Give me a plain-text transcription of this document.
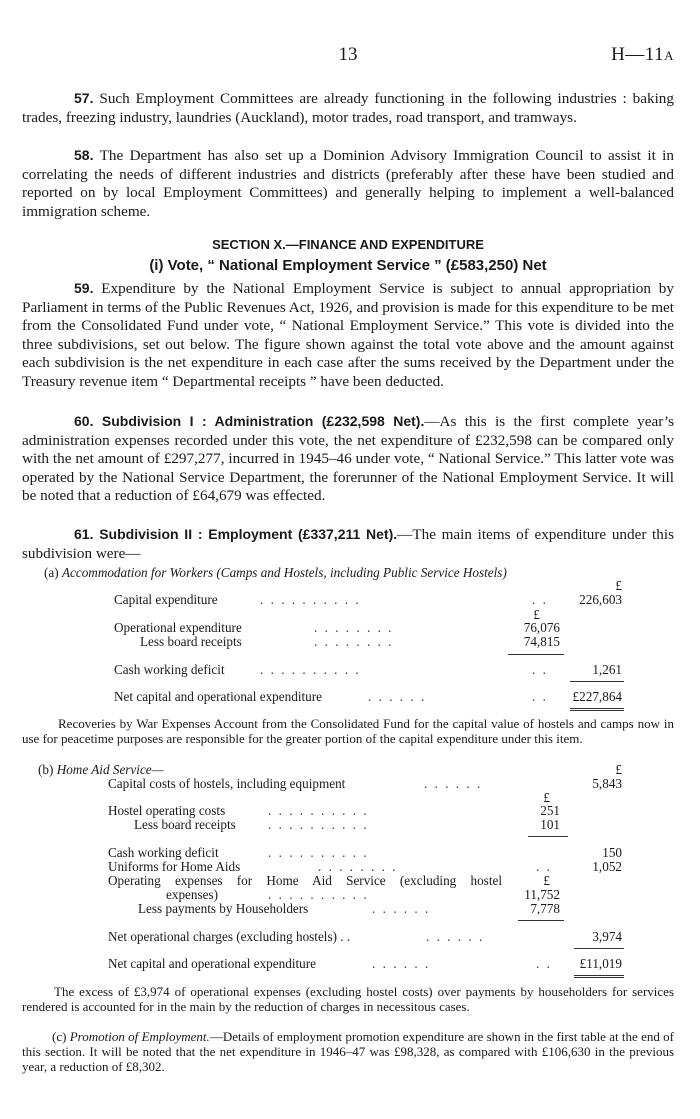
13	H—11A

57. Such Employment Committees are already functioning in the following industries : baking trades, freezing industry, laundries (Auckland), motor trades, road transport, and tramways.

58. The Department has also set up a Dominion Advisory Immigration Council to assist it in correlating the needs of different industries and districts (preferably after these have been studied and reported on by local Employment Committees) and generally helping to implement a well-balanced immigration scheme.

SECTION X.—FINANCE AND EXPENDITURE
(i) Vote, “ National Employment Service ” (£583,250) Net

59. Expenditure by the National Employment Service is subject to annual appropriation by Parliament in terms of the Public Revenues Act, 1926, and provision is made for this expenditure to be met from the Consolidated Fund under vote, “ National Employment Service.” This vote is divided into the three subdivisions, set out below. The figure shown against the total vote above and the amount against each subdivision is the net expenditure in each case after the sums received by the Department under the Treasury revenue item “ Departmental receipts ” have been deducted.

60. Subdivision I : Administration (£232,598 Net).—As this is the first complete year’s administration expenses recorded under this vote, the net expenditure of £232,598 can be compared only with the net amount of £297,277, incurred in 1945–46 under vote, “ National Service.” This latter vote was operated by the National Service Department, the forerunner of the National Employment Service. It will be noted that a reduction of £64,679 was effected.

61. Subdivision II : Employment (£337,211 Net).—The main items of expenditure under this subdivision were—

(a) Accommodation for Workers (Camps and Hostels, including Public Service Hostels)
£
Capital expenditure	. . . . . . . . . .	. . 226,603
£
Operational expenditure	. . . . . . . .	76,076
Less board receipts	. . . . . . . .	74,815
Cash working deficit	. . . . . . . . . .	. .	1,261
Net capital and operational expenditure	. . . . . .	. . £227,864

Recoveries by War Expenses Account from the Consolidated Fund for the capital value of hostels and camps now in use for peacetime purposes are responsible for the greater portion of the capital expenditure under this item.

(b) Home Aid Service—	£
Capital costs of hostels, including equipment	. . . . . .	5,843
£
Hostel operating costs	. . . . . . . . . .	251
Less board receipts . . . . . . . . . .	101
Cash working deficit	. . . . . . . . . .	150
Uniforms for Home Aids	. . . . . . . .	. .	1,052
Operating expenses for Home Aid Service (excluding hostel	£
expenses)	. . . . . . . . . .	11,752
Less payments by Householders	. . . . . .	7,778
Net operational charges (excluding hostels) . .	. . . . . .	3,974
Net capital and operational expenditure	. . . . . .	. . £11,019

The excess of £3,974 of operational expenses (excluding hostel costs) over payments by householders for services rendered is accounted for in the main by the reduction of charges in necessitous cases.

(c) Promotion of Employment.—Details of employment promotion expenditure are shown in the first table at the end of this section. It will be noted that the net expenditure in 1946–47 was £98,328, as compared with £106,630 in the previous year, a reduction of £8,302.
